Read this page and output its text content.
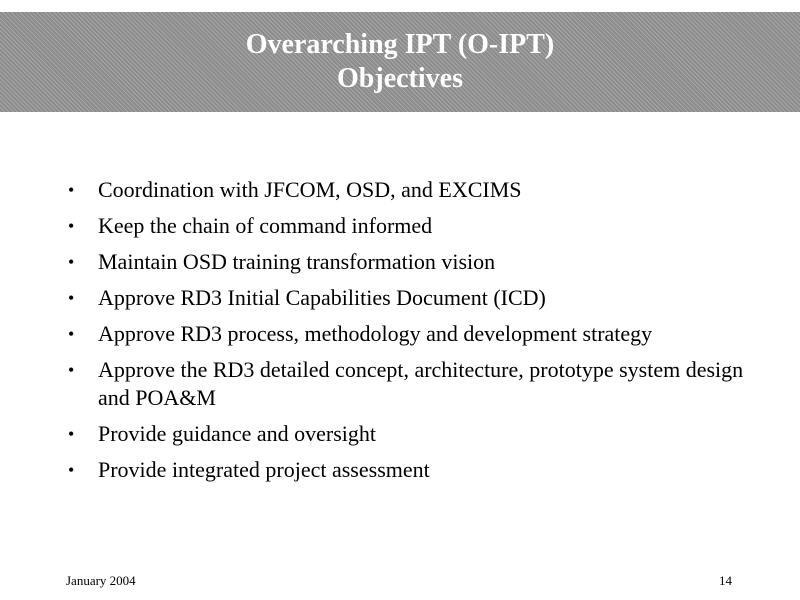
Overarching IPT (O-IPT)
Objectives
• Coordination with JFCOM, OSD, and EXCIMS
• Keep the chain of command informed
• Maintain OSD training transformation vision
• Approve RD3 Initial Capabilities Document (ICD)
• Approve RD3 process, methodology and development strategy
• Approve the RD3 detailed concept, architecture, prototype system design and POA&M
• Provide guidance and oversight
• Provide integrated project assessment
January 2004	14
